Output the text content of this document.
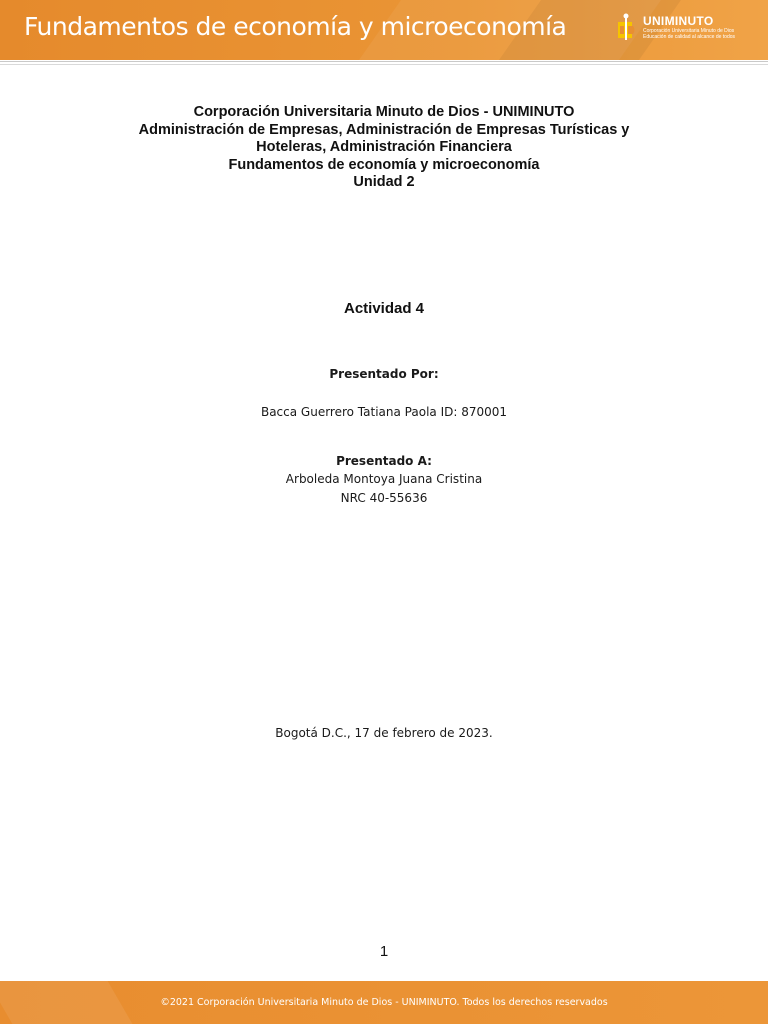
Fundamentos de economía y microeconomía	UNIMINUTO
Corporación Universitaria Minuto de Dios
Educación de calidad al alcance de todos
Corporación Universitaria Minuto de Dios - UNIMINUTO
Administración de Empresas, Administración de Empresas Turísticas y
Hoteleras, Administración Financiera
Fundamentos de economía y microeconomía
Unidad 2
Actividad 4
Presentado Por:
Bacca Guerrero Tatiana Paola ID: 870001
Presentado A:
Arboleda Montoya Juana Cristina
NRC 40-55636
Bogotá D.C., 17 de febrero de 2023.
1
©2021 Corporación Universitaria Minuto de Dios - UNIMINUTO. Todos los derechos reservados
